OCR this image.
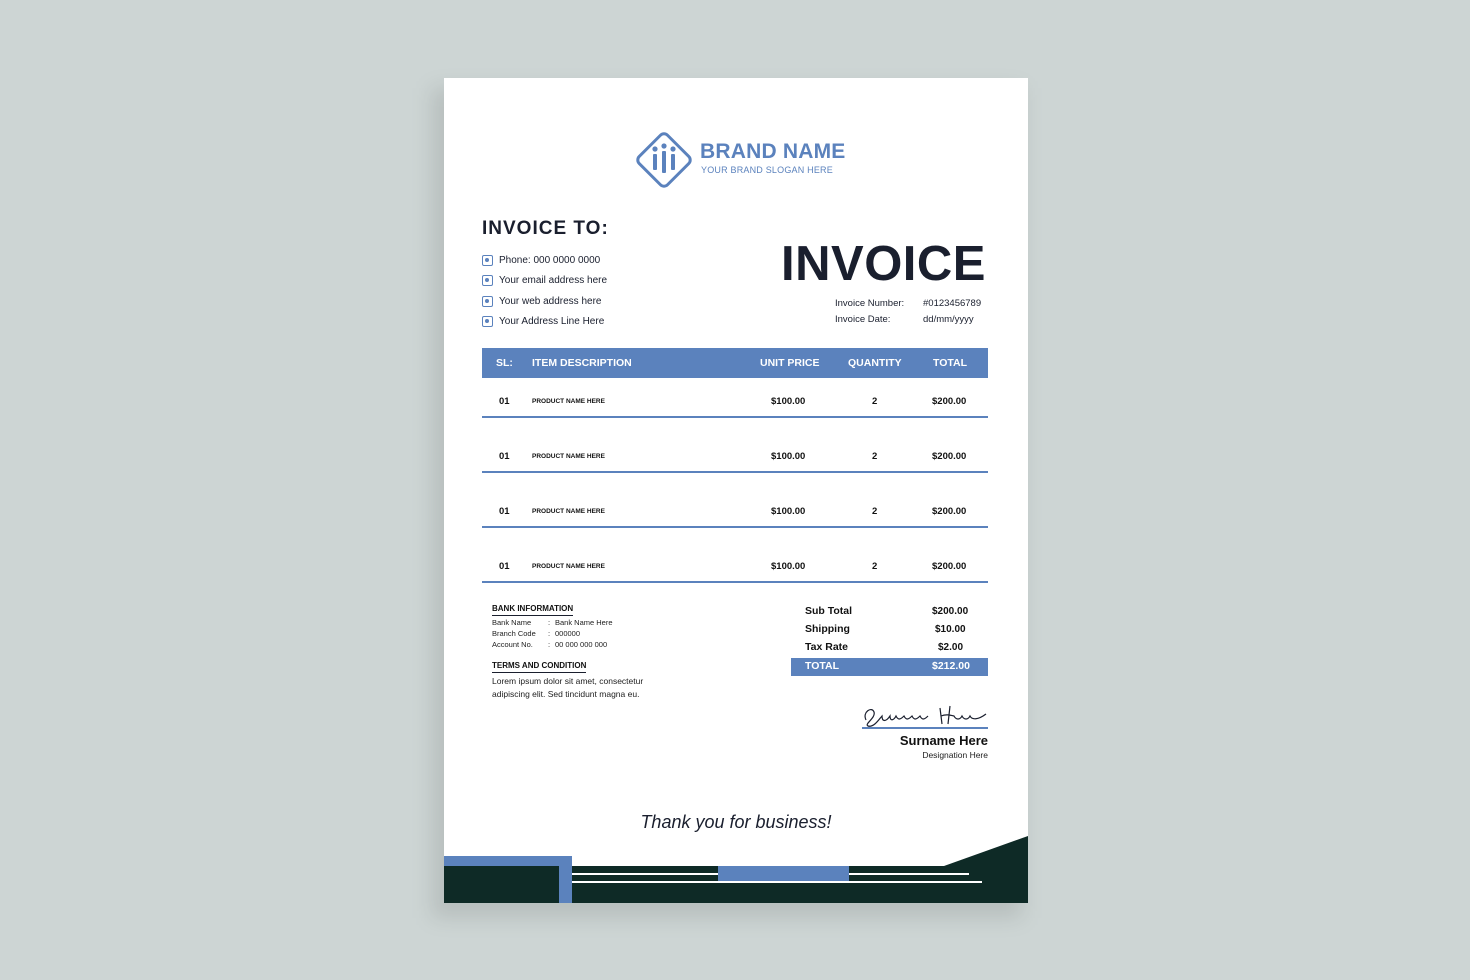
BRAND NAME
YOUR BRAND SLOGAN HERE
INVOICE TO:
Phone: 000 0000 0000
Your email address here
Your web address here
Your Address Line Here
INVOICE
Invoice Number: #0123456789
Invoice Date:	dd/mm/yyyy
SL: ITEM DESCRIPTION	UNIT PRICE	QUANTITY	TOTAL
01	PRODUCT NAME HERE	$100.00	2	$200.00
01	PRODUCT NAME HERE	$100.00	2	$200.00
01	PRODUCT NAME HERE	$100.00	2	$200.00
01	PRODUCT NAME HERE	$100.00	2	$200.00
BANK INFORMATION
Bank Name : Bank Name Here
Branch Code : 000000
Account No. : 00 000 000 000
TERMS AND CONDITION
Lorem ipsum dolor sit amet, consectetur
adipiscing elit. Sed tincidunt magna eu.
Sub Total	$200.00
Shipping	$10.00
Tax Rate	$2.00
TOTAL	$212.00
Surname Here
Designation Here
Thank you for business!
